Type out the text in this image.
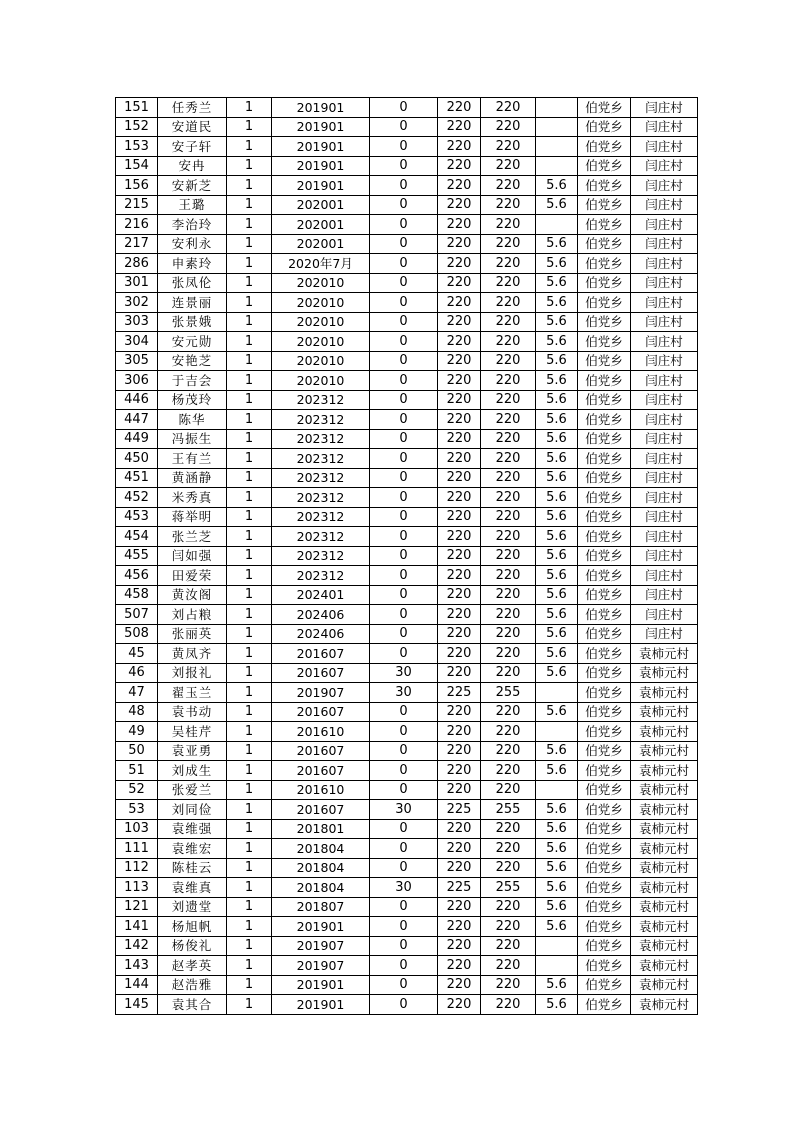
151	任秀兰	1	201901	0	220	220		伯党乡	闫庄村
152	安道民	1	201901	0	220	220		伯党乡	闫庄村
153	安子轩	1	201901	0	220	220		伯党乡	闫庄村
154	安冉	1	201901	0	220	220		伯党乡	闫庄村
156	安新芝	1	201901	0	220	220	5.6	伯党乡	闫庄村
215	王璐	1	202001	0	220	220	5.6	伯党乡	闫庄村
216	李治玲	1	202001	0	220	220		伯党乡	闫庄村
217	安利永	1	202001	0	220	220	5.6	伯党乡	闫庄村
286	申素玲	1	2020年7月	0	220	220	5.6	伯党乡	闫庄村
301	张凤伦	1	202010	0	220	220	5.6	伯党乡	闫庄村
302	连景丽	1	202010	0	220	220	5.6	伯党乡	闫庄村
303	张景娥	1	202010	0	220	220	5.6	伯党乡	闫庄村
304	安元勋	1	202010	0	220	220	5.6	伯党乡	闫庄村
305	安艳芝	1	202010	0	220	220	5.6	伯党乡	闫庄村
306	于吉会	1	202010	0	220	220	5.6	伯党乡	闫庄村
446	杨茂玲	1	202312	0	220	220	5.6	伯党乡	闫庄村
447	陈华	1	202312	0	220	220	5.6	伯党乡	闫庄村
449	冯振生	1	202312	0	220	220	5.6	伯党乡	闫庄村
450	王有兰	1	202312	0	220	220	5.6	伯党乡	闫庄村
451	黄涵静	1	202312	0	220	220	5.6	伯党乡	闫庄村
452	米秀真	1	202312	0	220	220	5.6	伯党乡	闫庄村
453	蒋举明	1	202312	0	220	220	5.6	伯党乡	闫庄村
454	张兰芝	1	202312	0	220	220	5.6	伯党乡	闫庄村
455	闫如强	1	202312	0	220	220	5.6	伯党乡	闫庄村
456	田爱荣	1	202312	0	220	220	5.6	伯党乡	闫庄村
458	黄汝阁	1	202401	0	220	220	5.6	伯党乡	闫庄村
507	刘占粮	1	202406	0	220	220	5.6	伯党乡	闫庄村
508	张丽英	1	202406	0	220	220	5.6	伯党乡	闫庄村
45	黄凤齐	1	201607	0	220	220	5.6	伯党乡	袁柿元村
46	刘报礼	1	201607	30	220	220	5.6	伯党乡	袁柿元村
47	翟玉兰	1	201907	30	225	255		伯党乡	袁柿元村
48	袁书动	1	201607	0	220	220	5.6	伯党乡	袁柿元村
49	吴桂芹	1	201610	0	220	220		伯党乡	袁柿元村
50	袁亚勇	1	201607	0	220	220	5.6	伯党乡	袁柿元村
51	刘成生	1	201607	0	220	220	5.6	伯党乡	袁柿元村
52	张爱兰	1	201610	0	220	220		伯党乡	袁柿元村
53	刘同俭	1	201607	30	225	255	5.6	伯党乡	袁柿元村
103	袁维强	1	201801	0	220	220	5.6	伯党乡	袁柿元村
111	袁维宏	1	201804	0	220	220	5.6	伯党乡	袁柿元村
112	陈桂云	1	201804	0	220	220	5.6	伯党乡	袁柿元村
113	袁维真	1	201804	30	225	255	5.6	伯党乡	袁柿元村
121	刘遗堂	1	201807	0	220	220	5.6	伯党乡	袁柿元村
141	杨旭帆	1	201901	0	220	220	5.6	伯党乡	袁柿元村
142	杨俊礼	1	201907	0	220	220		伯党乡	袁柿元村
143	赵孝英	1	201907	0	220	220		伯党乡	袁柿元村
144	赵浩雅	1	201901	0	220	220	5.6	伯党乡	袁柿元村
145	袁其合	1	201901	0	220	220	5.6	伯党乡	袁柿元村
